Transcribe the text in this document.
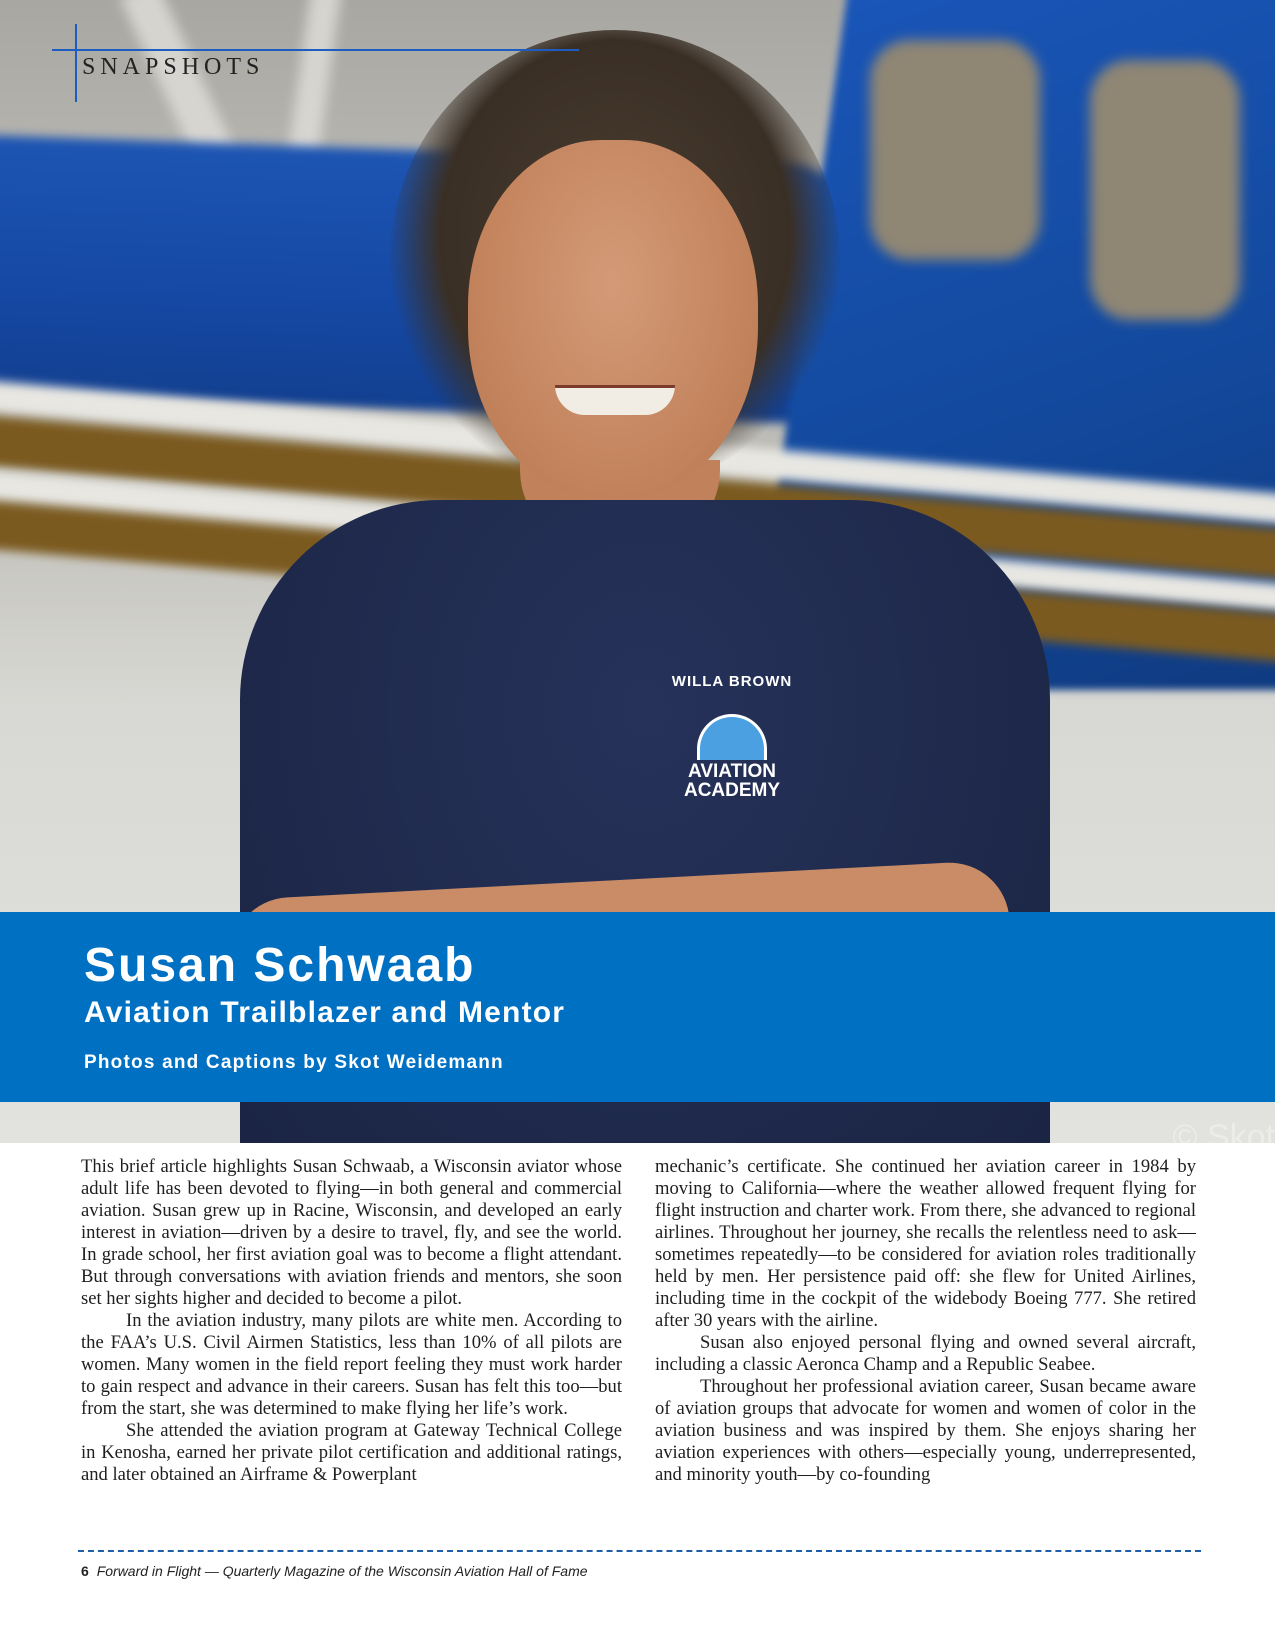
WILLA BROWN
AVIATION
ACADEMY
© Skot
SNAPSHOTS
Susan Schwaab
Aviation Trailblazer and Mentor
Photos and Captions by Skot Weidemann

This brief article highlights Susan Schwaab, a Wisconsin aviator whose adult life has been devoted to flying—in both general and commercial aviation. Susan grew up in Racine, Wisconsin, and developed an early interest in aviation—driven by a desire to travel, fly, and see the world. In grade school, her first aviation goal was to become a flight attendant. But through conversations with aviation friends and mentors, she soon set her sights higher and decided to become a pilot.

In the aviation industry, many pilots are white men. According to the FAA’s U.S. Civil Airmen Statistics, less than 10% of all pilots are women. Many women in the field report feeling they must work harder to gain respect and advance in their careers. Susan has felt this too—but from the start, she was determined to make flying her life’s work.

She attended the aviation program at Gateway Technical College in Kenosha, earned her private pilot certification and additional ratings, and later obtained an Airframe & Powerplant

mechanic’s certificate. She continued her aviation career in 1984 by moving to California—where the weather allowed frequent flying for flight instruction and charter work. From there, she advanced to regional airlines. Throughout her journey, she recalls the relentless need to ask—sometimes repeatedly—to be considered for aviation roles traditionally held by men. Her persistence paid off: she flew for United Airlines, including time in the cockpit of the widebody Boeing 777. She retired after 30 years with the airline.

Susan also enjoyed personal flying and owned several aircraft, including a classic Aeronca Champ and a Republic Seabee.

Throughout her professional aviation career, Susan became aware of aviation groups that advocate for women and women of color in the aviation business and was inspired by them. She enjoys sharing her aviation experiences with others—especially young, underrepresented, and minority youth—by co-founding

6 Forward in Flight — Quarterly Magazine of the Wisconsin Aviation Hall of Fame
